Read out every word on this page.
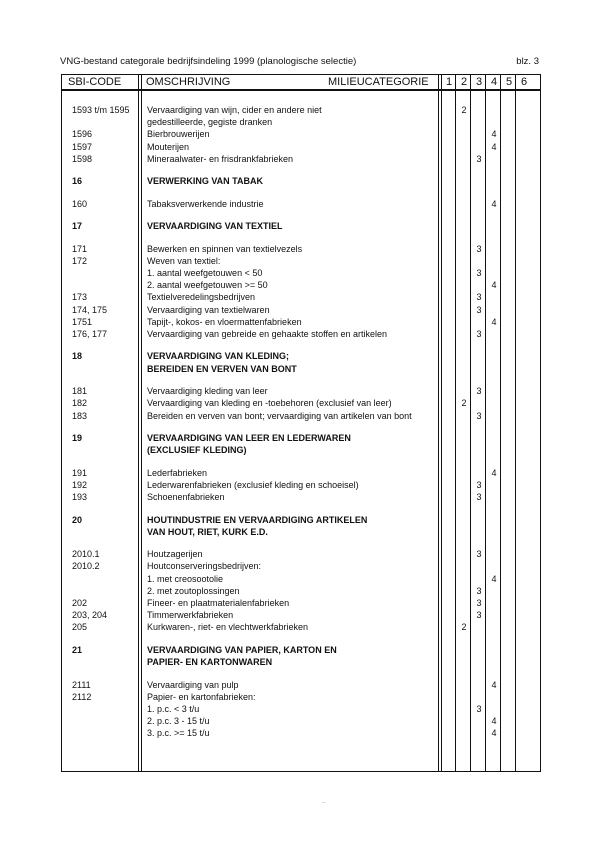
VNG-bestand categorale bedrijfsindeling 1999 (planologische selectie)	blz. 3
SBI-CODE OMSCHRIJVING	MILIEUCATEGORIE	1 2 3 4 5 6
1593 t/m 1595	Vervaardiging van wijn, cider en andere niet	2
gedestilleerde, gegiste dranken
1596	Bierbrouwerijen	4
1597	Mouterijen	4
1598	Mineraalwater- en frisdrankfabrieken	3
16	VERWERKING VAN TABAK
160	Tabaksverwerkende industrie	4
17	VERVAARDIGING VAN TEXTIEL
171	Bewerken en spinnen van textielvezels	3
172	Weven van textiel:
1. aantal weefgetouwen < 50	3
2. aantal weefgetouwen >= 50	4
173	Textielveredelingsbedrijven	3
174, 175	Vervaardiging van textielwaren	3
1751	Tapijt-, kokos- en vloermattenfabrieken	4
176, 177	Vervaardiging van gebreide en gehaakte stoffen en artikelen	3
18	VERVAARDIGING VAN KLEDING;
BEREIDEN EN VERVEN VAN BONT
181	Vervaardiging kleding van leer	3
182	Vervaardiging van kleding en -toebehoren (exclusief van leer)	2
183	Bereiden en verven van bont; vervaardiging van artikelen van bont	3
19	VERVAARDIGING VAN LEER EN LEDERWAREN
(EXCLUSIEF KLEDING)
191	Lederfabrieken	4
192	Lederwarenfabrieken (exclusief kleding en schoeisel)	3
193	Schoenenfabrieken	3
20	HOUTINDUSTRIE EN VERVAARDIGING ARTIKELEN
VAN HOUT, RIET, KURK E.D.
2010.1	Houtzagerijen	3
2010.2	Houtconserveringsbedrijven:
1. met creosootolie	4
2. met zoutoplossingen	3
202	Fineer- en plaatmaterialenfabrieken	3
203, 204	Timmerwerkfabrieken	3
205	Kurkwaren-, riet- en vlechtwerkfabrieken	2
21	VERVAARDIGING VAN PAPIER, KARTON EN
PAPIER- EN KARTONWAREN
2111	Vervaardiging van pulp	4
2112	Papier- en kartonfabrieken:
1. p.c. < 3 t/u	3
2. p.c. 3 - 15 t/u	4
3. p.c. >= 15 t/u	4
--
